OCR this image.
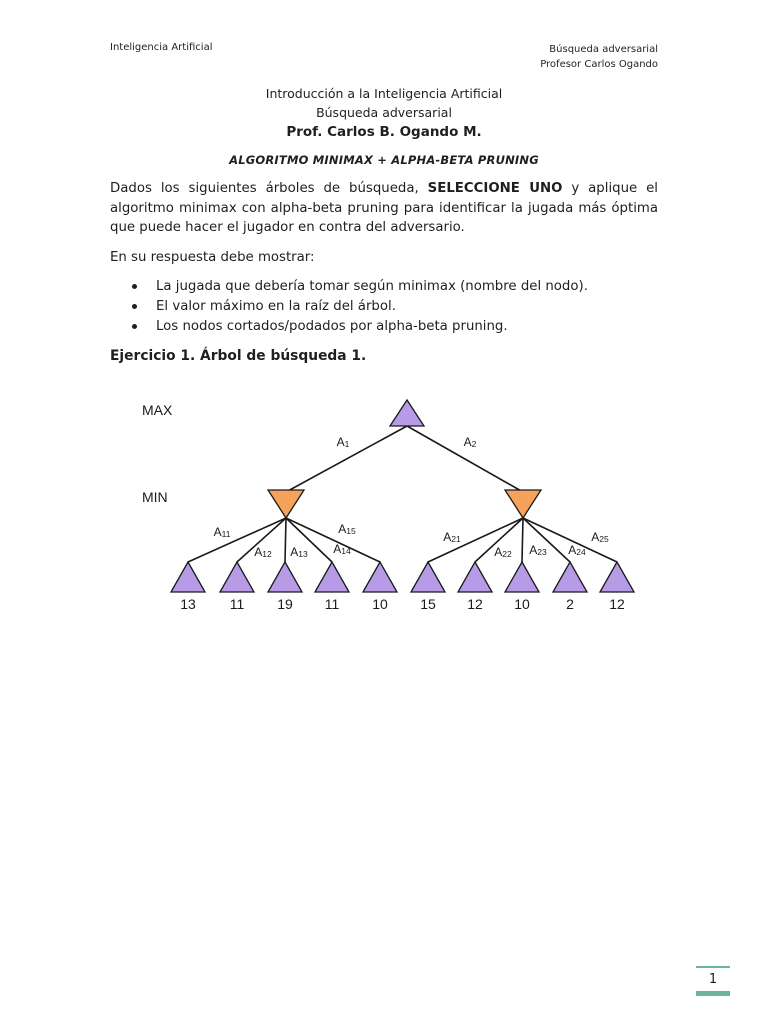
Inteligencia Artificial	Búsqueda adversarial
Profesor Carlos Ogando
Introducción a la Inteligencia Artificial
Búsqueda adversarial
Prof. Carlos B. Ogando M.
ALGORITMO MINIMAX + ALPHA-BETA PRUNING
Dados los siguientes árboles de búsqueda, SELECCIONE UNO y aplique el algoritmo minimax con alpha-beta pruning para identificar la jugada más óptima que puede hacer el jugador en contra del adversario.
En su respuesta debe mostrar:
La jugada que debería tomar según minimax (nombre del nodo).
El valor máximo en la raíz del árbol.
Los nodos cortados/podados por alpha-beta pruning.
Ejercicio 1. Árbol de búsqueda 1.
MAX
MIN
A1	A2
A11
A12 A13 A14
A15
13 11 19 11 10
A21
A22 A23 A24
A25
15 12 10	2	12
1
